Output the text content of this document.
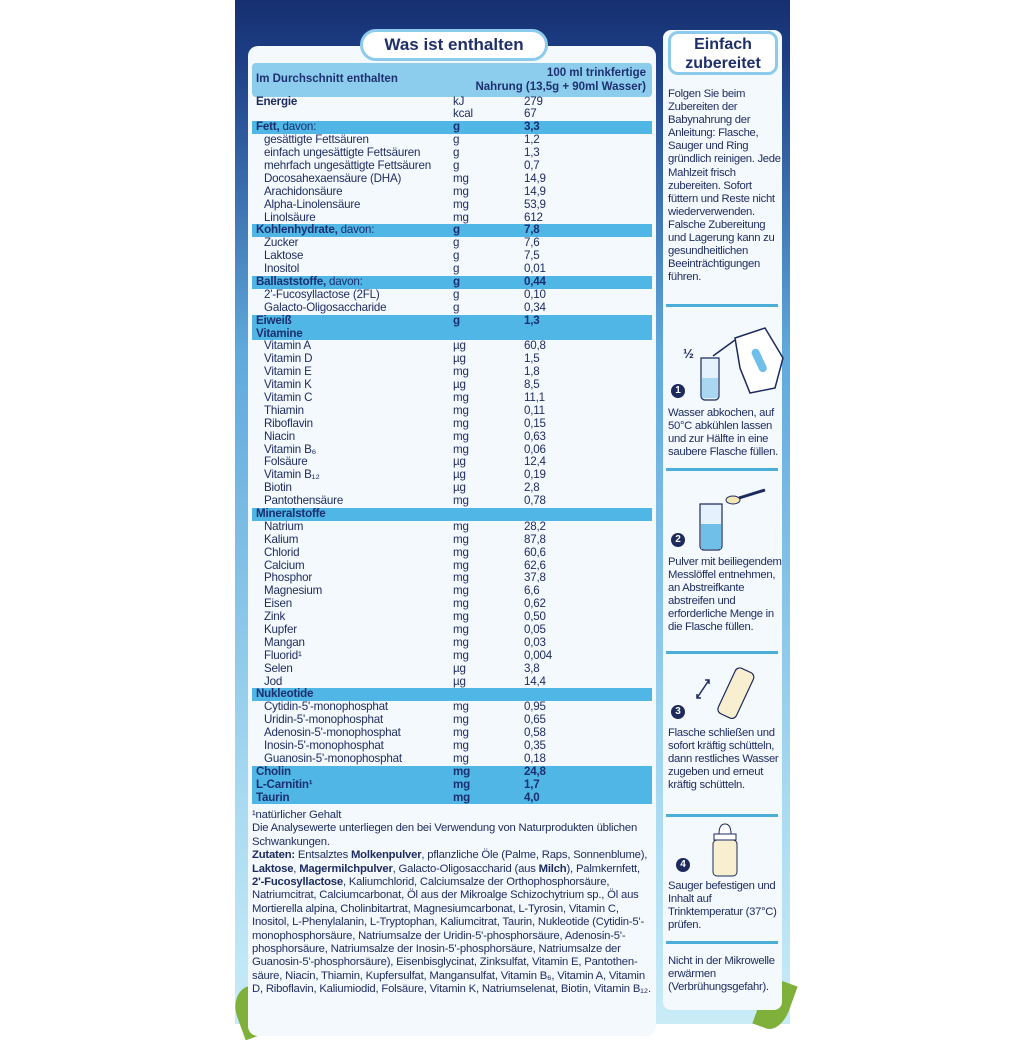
Was ist enthalten
Im Durchschnitt enthalten	100 ml trinkfertige
Nahrung (13,5g + 90ml Wasser)
Energie	kJ	279
kcal	67
Fett, davon:	g	3,3
gesättigte Fettsäuren	g	1,2
einfach ungesättigte Fettsäuren	g	1,3
mehrfach ungesättigte Fettsäuren g	0,7
Docosahexaensäure (DHA)	mg	14,9
Arachidonsäure	mg	14,9
Alpha-Linolensäure	mg	53,9
Linolsäure	mg	612
Kohlenhydrate, davon:	g	7,8
Zucker	g	7,6
Laktose	g	7,5
Inositol	g	0,01
Ballaststoffe, davon:	g	0,44
2'-Fucosyllactose (2FL)	g	0,10
Galacto-Oligosaccharide	g	0,34
Eiweiß	g	1,3
Vitamine
Vitamin A	µg	60,8
Vitamin D	µg	1,5
Vitamin E	mg	1,8
Vitamin K	µg	8,5
Vitamin C	mg	11,1
Thiamin	mg	0,11
Riboflavin	mg	0,15
Niacin	mg	0,63
Vitamin B₆	mg	0,06
Folsäure	µg	12,4
Vitamin B₁₂	µg	0,19
Biotin	µg	2,8
Pantothensäure	mg	0,78
Mineralstoffe
Natrium	mg	28,2
Kalium	mg	87,8
Chlorid	mg	60,6
Calcium	mg	62,6
Phosphor	mg	37,8
Magnesium	mg	6,6
Eisen	mg	0,62
Zink	mg	0,50
Kupfer	mg	0,05
Mangan	mg	0,03
Fluorid¹	mg	0,004
Selen	µg	3,8
Jod	µg	14,4
Nukleotide
Cytidin-5'-monophosphat	mg	0,95
Uridin-5'-monophosphat	mg	0,65
Adenosin-5'-monophosphat	mg	0,58
Inosin-5'-monophosphat	mg	0,35
Guanosin-5'-monophosphat	mg	0,18
Cholin	mg	24,8
L-Carnitin¹	mg	1,7
Taurin	mg	4,0
¹natürlicher Gehalt
Die Analysewerte unterliegen den bei Verwendung von Naturprodukten üblichen Schwankungen.
Zutaten: Entsalztes Molkenpulver, pflanzliche Öle (Palme, Raps, Sonnenblume), Laktose, Magermilchpulver, Galacto-Oligosaccharid (aus Milch), Palmkernfett, 2'-Fucosyllactose, Kaliumchlorid, Calciumsalze der Orthophosphorsäure, Natriumcitrat, Calciumcarbonat, Öl aus der Mikroalge Schizochytrium sp., Öl aus Mortierella alpina, Cholinbitartrat, Magnesiumcarbonat, L-Tyrosin, Vitamin C, Inositol, L-Phenylalanin, L-Tryptophan, Kaliumcitrat, Taurin, Nukleotide (Cytidin-5'-monophosphorsäure, Natriumsalze der Uridin-5'-phosphorsäure, Adenosin-5'-phosphorsäure, Natriumsalze der Inosin-5'-phosphorsäure, Natriumsalze der Guanosin-5'-phosphorsäure), Eisenbisglycinat, Zinksulfat, Vitamin E, Pantothen-säure, Niacin, Thiamin, Kupfersulfat, Mangansulfat, Vitamin B₆, Vitamin A, Vitamin D, Riboflavin, Kaliumiodid, Folsäure, Vitamin K, Natriumselenat, Biotin, Vitamin B₁₂.
Einfach
zubereitet
Folgen Sie beim Zubereiten der Babynahrung der Anleitung: Flasche, Sauger und Ring gründlich reinigen. Jede Mahlzeit frisch zubereiten. Sofort füttern und Reste nicht wiederverwenden. Falsche Zubereitung und Lagerung kann zu gesundheitlichen Beeinträchtigungen führen.
½
1
Wasser abkochen, auf 50°C abkühlen lassen und zur Hälfte in eine saubere Flasche füllen.
2
Pulver mit beiliegendem Messlöffel entnehmen, an Abstreifkante abstreifen und erforderliche Menge in die Flasche füllen.
3
Flasche schließen und sofort kräftig schütteln, dann restliches Wasser zugeben und erneut kräftig schütteln.
4
Sauger befestigen und Inhalt auf Trinktemperatur (37°C) prüfen.
Nicht in der Mikrowelle erwärmen (Verbrühungsgefahr).
